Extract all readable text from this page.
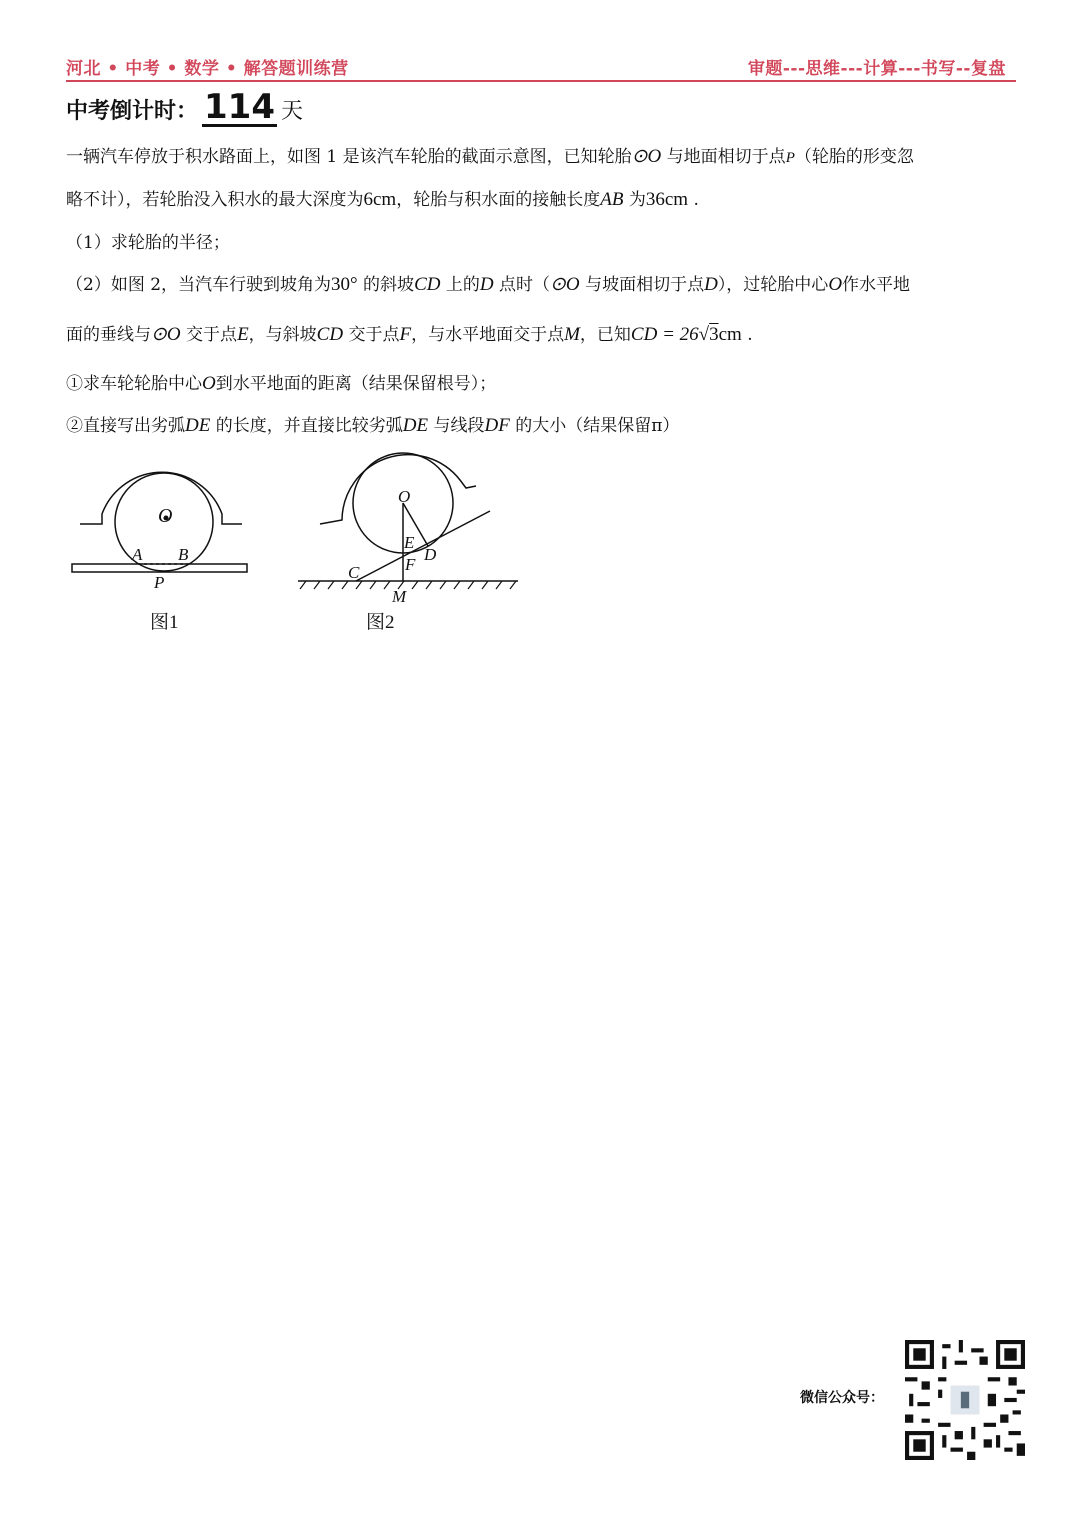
河北 • 中考 • 数学 • 解答题训练营	审题---思维---计算---书写--复盘
中考倒计时： 114 天
一辆汽车停放于积水路面上，如图 1 是该汽车轮胎的截面示意图，已知轮胎⊙O 与地面相切于点P（轮胎的形变忽
略不计），若轮胎没入积水的最大深度为6cm，轮胎与积水面的接触长度AB 为36cm .
（1）求轮胎的半径；
（2）如图 2，当汽车行驶到坡角为30° 的斜坡CD 上的D 点时（⊙O 与坡面相切于点D），过轮胎中心O作水平地
面的垂线与⊙O 交于点E，与斜坡CD 交于点F，与水平地面交于点M，已知CD = 26√3cm .
①求车轮轮胎中心O到水平地面的距离（结果保留根号）；
②直接写出劣弧DE 的长度，并直接比较劣弧DE 与线段DF 的大小（结果保留π）
O
A B
P
图1
O
E
D
F
C
M
图2
微信公众号：
